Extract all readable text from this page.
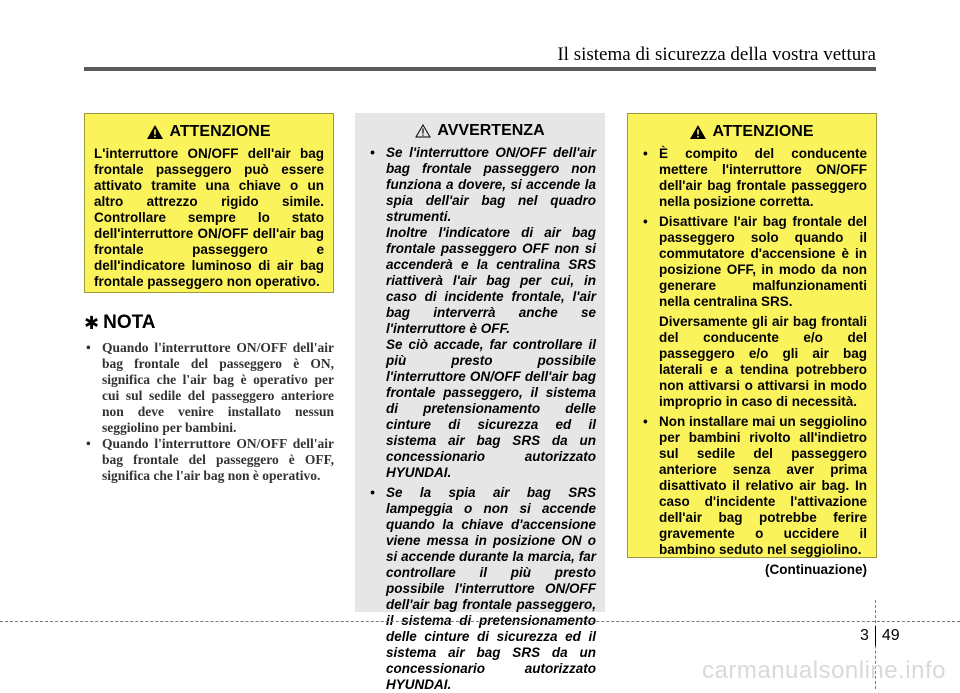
Il sistema di sicurezza della vostra vettura
ATTENZIONE
L'interruttore ON/OFF dell'air bag frontale passeggero può essere attivato tramite una chiave o un altro attrezzo rigido simile. Controllare sempre lo stato dell'interruttore ON/OFF dell'air bag frontale passeggero e dell'indicatore luminoso di air bag frontale passeggero non operativo.
✱ NOTA
• Quando l'interruttore ON/OFF dell'air bag frontale del passeggero è ON, significa che l'air bag è operativo per cui sul sedile del passeggero anteriore non deve venire installato nessun seggiolino per bambini.
• Quando l'interruttore ON/OFF dell'air bag frontale del passeggero è OFF, significa che l'air bag non è operativo.
AVVERTENZA

• Se l'interruttore ON/OFF dell'air bag frontale passeggero non funziona a dovere, si accende la spia dell'air bag nel quadro strumenti.

Inoltre l'indicatore di air bag frontale passeggero OFF non si accenderà e la centralina SRS riattiverà l'air bag per cui, in caso di incidente frontale, l'air bag interverrà anche se l'interruttore è OFF.

Se ciò accade, far controllare il più presto possibile l'interruttore ON/OFF dell'air bag frontale passeggero, il sistema di pretensionamento delle cinture di sicurezza ed il sistema air bag SRS da un concessionario autorizzato HYUNDAI.

• Se la spia air bag SRS lampeggia o non si accende quando la chiave d'accensione viene messa in posizione ON o si accende durante la marcia, far controllare il più presto possibile l'interruttore ON/OFF dell'air bag frontale passeggero, il sistema di pretensionamento delle cinture di sicurezza ed il sistema air bag SRS da un concessionario autorizzato HYUNDAI.
ATTENZIONE
• È compito del conducente mettere l'interruttore ON/OFF dell'air bag frontale passeggero nella posizione corretta.
• Disattivare l'air bag frontale del passeggero solo quando il commutatore d'accensione è in posizione OFF, in modo da non generare malfunzionamenti nella centralina SRS.
Diversamente gli air bag frontali del conducente e/o del passeggero e/o gli air bag laterali e a tendina potrebbero non attivarsi o attivarsi in modo improprio in caso di necessità.
• Non installare mai un seggiolino per bambini rivolto all'indietro sul sedile del passeggero anteriore senza aver prima disattivato il relativo air bag. In caso d'incidente l'attivazione dell'air bag potrebbe ferire gravemente o uccidere il bambino seduto nel seggiolino.
(Continuazione)
3 49
carmanualsonline.info
